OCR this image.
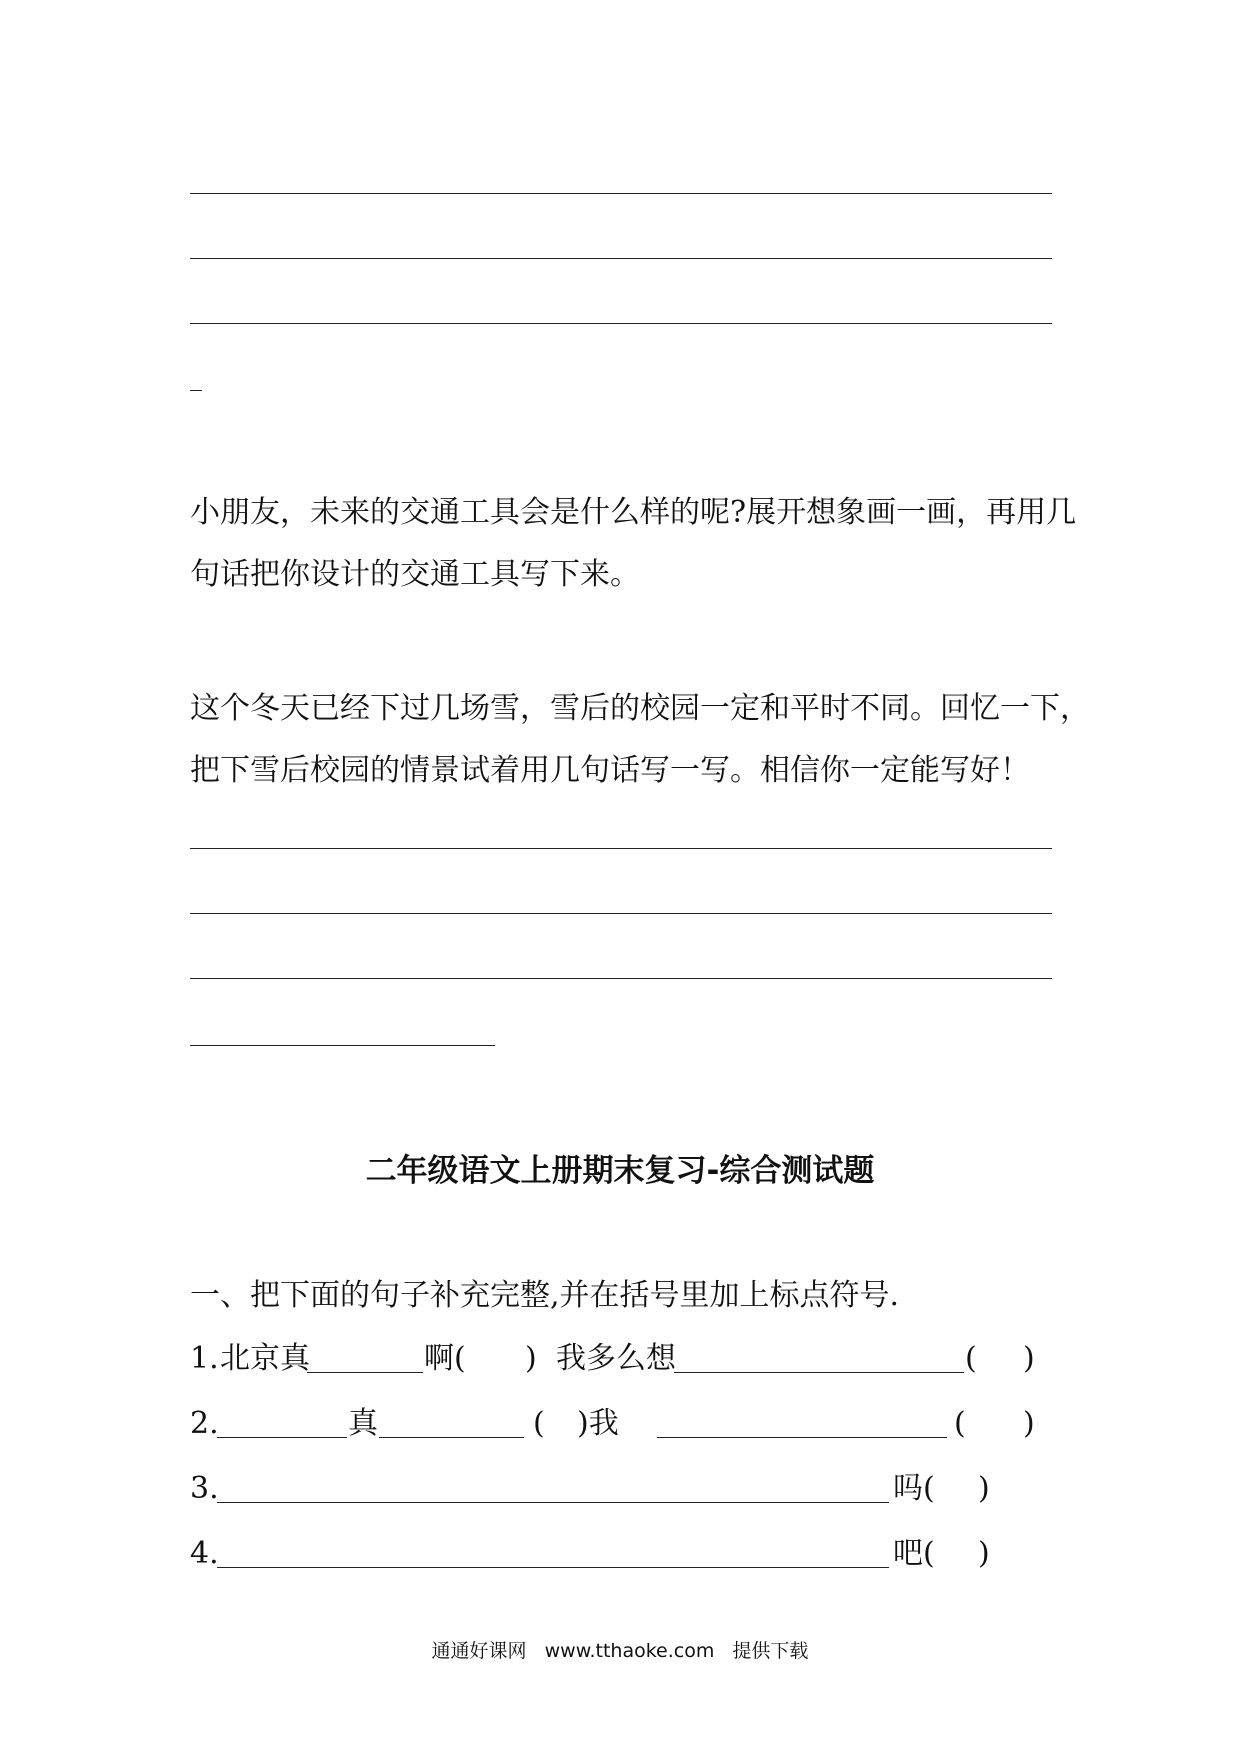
小朋友，未来的交通工具会是什么样的呢?展开想象画一画，再用几
句话把你设计的交通工具写下来。
这个冬天已经下过几场雪，雪后的校园一定和平时不同。回忆一下，
把下雪后校园的情景试着用几句话写一写。相信你一定能写好！
二年级语文上册期末复习-综合测试题
一、把下面的句子补充完整,并在括号里加上标点符号.
1. 北京真	啊( ) 我多么想	( )
2.	真	( )我	( )
3.	吗( )
4.	吧( )

通通好课网 www.tthaoke.com 提供下载
